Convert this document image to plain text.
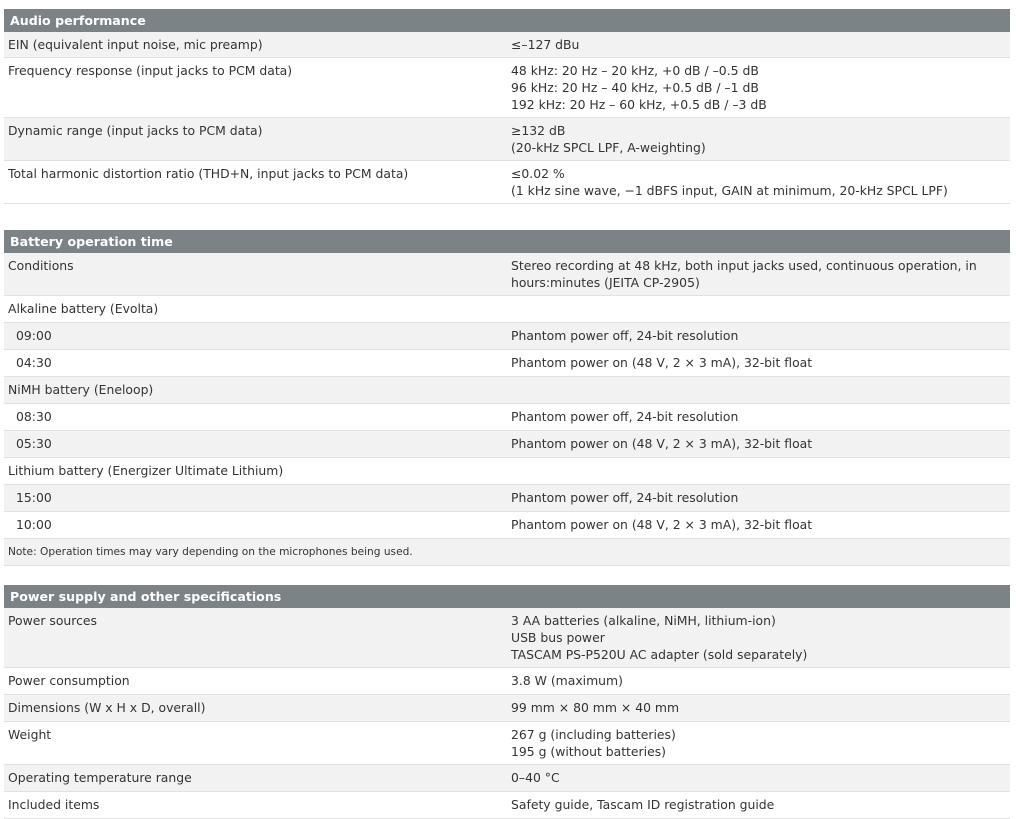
Audio performance	
EIN (equivalent input noise, mic preamp)	≤–127 dBu

Frequency response (input jacks to PCM data)	48 kHz: 20 Hz – 20 kHz, +0 dB / –0.5 dB
96 kHz: 20 Hz – 40 kHz, +0.5 dB / –1 dB
192 kHz: 20 Hz – 60 kHz, +0.5 dB / –3 dB

Dynamic range (input jacks to PCM data)	≥132 dB
(20-kHz SPCL LPF, A-weighting)

Total harmonic distortion ratio (THD+N, input jacks to PCM data)	≤0.02 %
(1 kHz sine wave, −1 dBFS input, GAIN at minimum, 20-kHz SPCL LPF)
Battery operation time	
Conditions	Stereo recording at 48 kHz, both input jacks used, continuous operation, in
hours:minutes (JEITA CP-2905)

Alkaline battery (Evolta)	
09:00	Phantom power off, 24-bit resolution

04:30	Phantom power on (48 V, 2 × 3 mA), 32-bit float

NiMH battery (Eneloop)	
08:30	Phantom power off, 24-bit resolution

05:30	Phantom power on (48 V, 2 × 3 mA), 32-bit float

Lithium battery (Energizer Ultimate Lithium)	
15:00	Phantom power off, 24-bit resolution

10:00	Phantom power on (48 V, 2 × 3 mA), 32-bit float

Note: Operation times may vary depending on the microphones being used.	
Power supply and other specifications	
Power sources	3 AA batteries (alkaline, NiMH, lithium-ion)
USB bus power
TASCAM PS-P520U AC adapter (sold separately)

Power consumption	3.8 W (maximum)

Dimensions (W x H x D, overall)	99 mm × 80 mm × 40 mm

Weight	267 g (including batteries)
195 g (without batteries)

Operating temperature range	0–40 °C

Included items	Safety guide, Tascam ID registration guide
